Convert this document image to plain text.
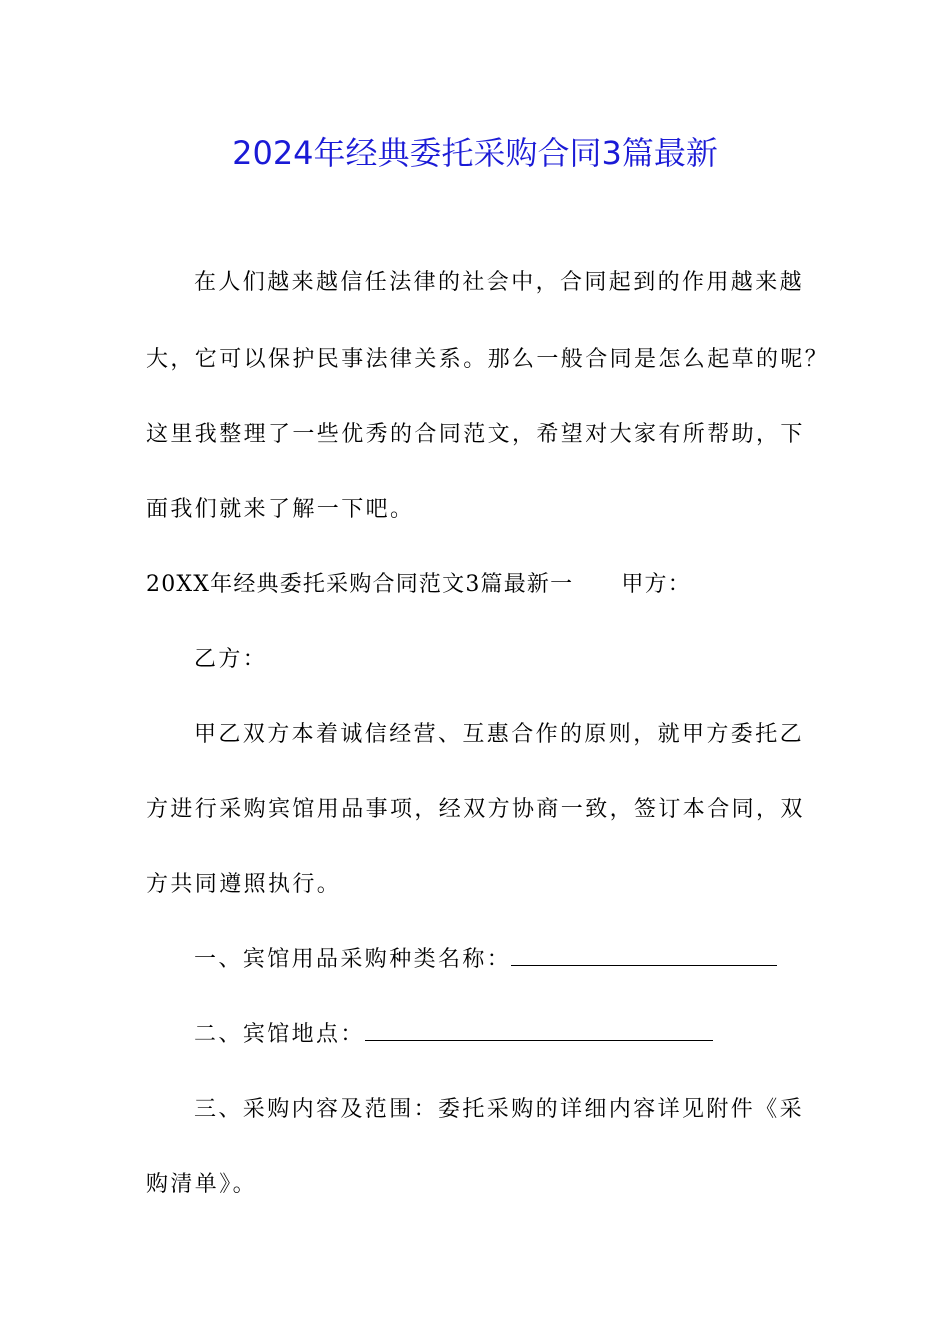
2024年经典委托采购合同3篇最新
在人们越来越信任法律的社会中，合同起到的作用越来越
大，它可以保护民事法律关系。那么一般合同是怎么起草的呢？
这里我整理了一些优秀的合同范文，希望对大家有所帮助，下
面我们就来了解一下吧。
20XX年经典委托采购合同范文3篇最新一 甲方：
乙方：
甲乙双方本着诚信经营、互惠合作的原则，就甲方委托乙
方进行采购宾馆用品事项，经双方协商一致，签订本合同，双
方共同遵照执行。
一、宾馆用品采购种类名称：
二、宾馆地点：
三、采购内容及范围：委托采购的详细内容详见附件《采
购清单》。
